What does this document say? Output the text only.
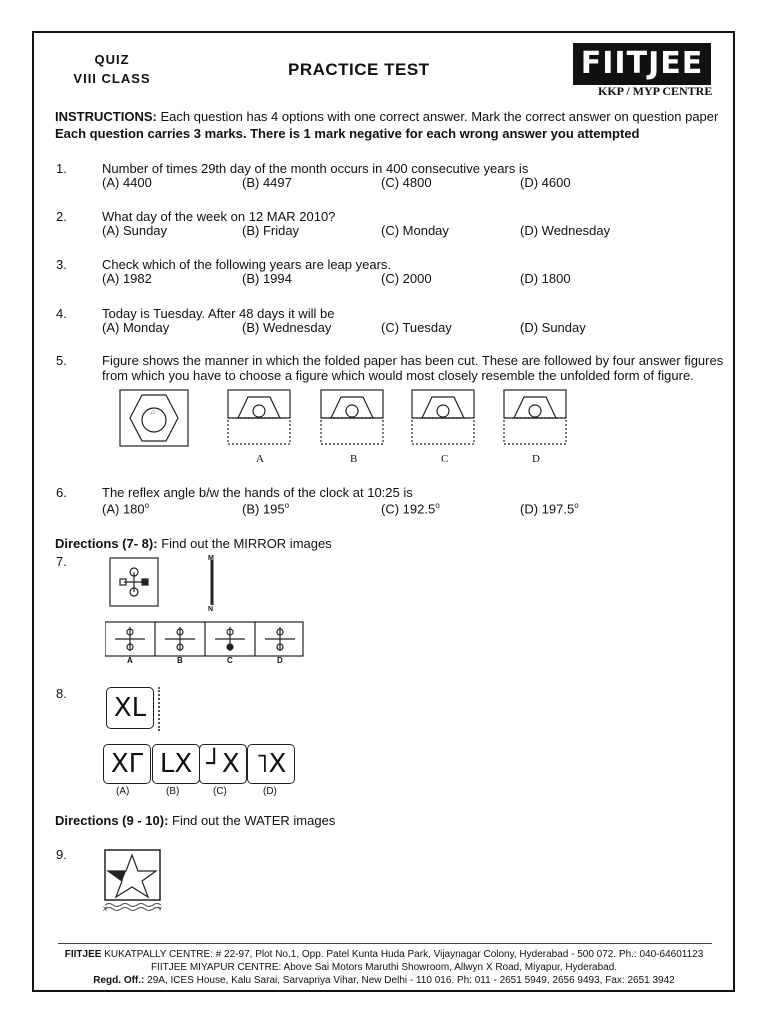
QUIZ
VIII CLASS	PRACTICE TEST	FIITJEE
KKP / MYP CENTRE
INSTRUCTIONS: Each question has 4 options with one correct answer. Mark the correct answer on question paper
Each question carries 3 marks. There is 1 mark negative for each wrong answer you attempted
1.	Number of times 29th day of the month occurs in 400 consecutive years is
(A) 4400	(B) 4497	(C) 4800	(D) 4600
2.	What day of the week on 12 MAR 2010?
(A) Sunday	(B) Friday	(C) Monday	(D) Wednesday
3.	Check which of the following years are leap years.
(A) 1982	(B) 1994	(C) 2000	(D) 1800
4.	Today is Tuesday. After 48 days it will be
(A) Monday	(B) Wednesday	(C) Tuesday	(D) Sunday
5.	Figure shows the manner in which the folded paper has been cut. These are followed by four answer figures
from which you have to choose a figure which would most closely resemble the unfolded form of figure.
⌂
A	B	C	D
6.	The reflex angle b/w the hands of the clock at 10:25 is
(A) 180$^o$	(B) 195$^o$	(C) 192.5$^o$	(D) 197.5$^o$
Directions (7- 8): Find out the MIRROR images
7.	M
N
A	B	C	D
8.	XL
XΓ LX ┘X ˥X
(A)	(B)	(C)	(D)
Directions (9 - 10): Find out the WATER images
9.
X	Y
FIITJEE KUKATPALLY CENTRE: # 22-97, Plot No.1, Opp. Patel Kunta Huda Park, Vijaynagar Colony, Hyderabad - 500 072. Ph.: 040-64601123
FIITJEE MIYAPUR CENTRE: Above Sai Motors Maruthi Showroom, Allwyn X Road, Miyapur, Hyderabad.
Regd. Off.: 29A, ICES House, Kalu Sarai, Sarvapriya Vihar, New Delhi - 110 016. Ph: 011 - 2651 5949, 2656 9493, Fax: 2651 3942
